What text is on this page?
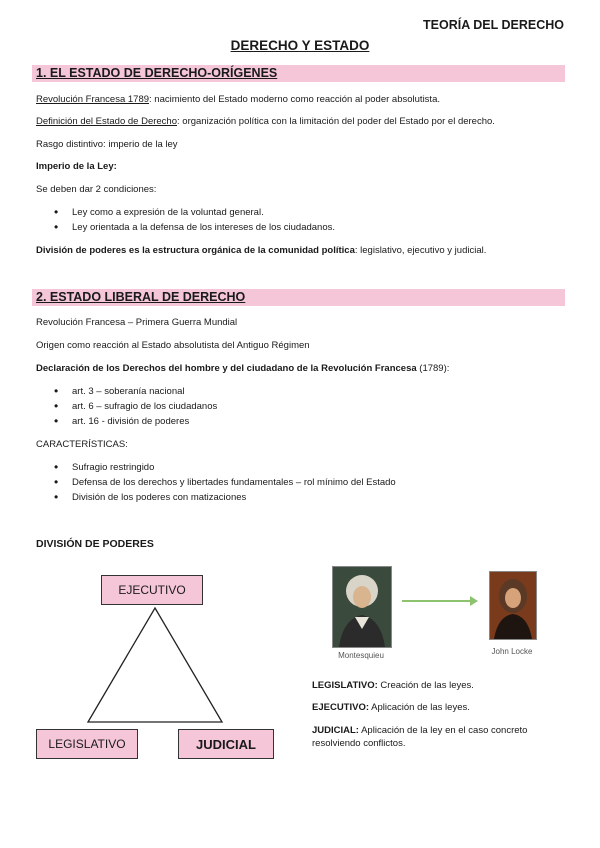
TEORÍA DEL DERECHO
DERECHO Y ESTADO
1. EL ESTADO DE DERECHO-ORÍGENES
Revolución Francesa 1789: nacimiento del Estado moderno como reacción al poder absolutista.
Definición del Estado de Derecho: organización política con la limitación del poder del Estado por el derecho.
Rasgo distintivo: imperio de la ley
Imperio de la Ley:
Se deben dar 2 condiciones:
• Ley como a expresión de la voluntad general.
• Ley orientada a la defensa de los intereses de los ciudadanos.
División de poderes es la estructura orgánica de la comunidad política: legislativo, ejecutivo y judicial.
2. ESTADO LIBERAL DE DERECHO
Revolución Francesa – Primera Guerra Mundial
Origen como reacción al Estado absolutista del Antiguo Régimen
Declaración de los Derechos del hombre y del ciudadano de la Revolución Francesa (1789):
• art. 3 – soberanía nacional
• art. 6 – sufragio de los ciudadanos
• art. 16 - división de poderes
CARACTERÍSTICAS:
• Sufragio restringido
• Defensa de los derechos y libertades fundamentales – rol mínimo del Estado
• División de los poderes con matizaciones
DIVISIÓN DE PODERES
EJECUTIVO
LEGISLATIVO	JUDICIAL
Montesquieu	John Locke
LEGISLATIVO: Creación de las leyes.
EJECUTIVO: Aplicación de las leyes.
JUDICIAL: Aplicación de la ley en el caso concreto resolviendo conflictos.
